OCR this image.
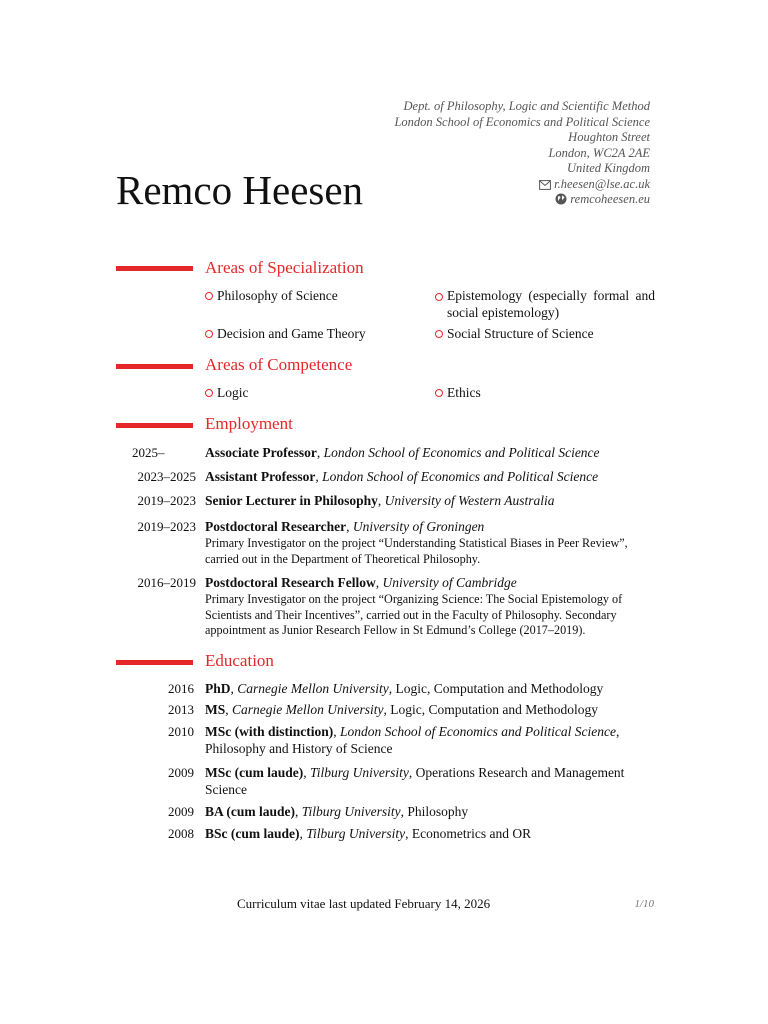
Dept. of Philosophy, Logic and Scientific Method
London School of Economics and Political Science
Houghton Street
London, WC2A 2AE
United Kingdom
r.heesen@lse.ac.uk
remcoheesen.eu
Remco Heesen
Areas of Specialization
Philosophy of Science	Epistemology (especially formal and social epistemology)
Decision and Game Theory	Social Structure of Science
Areas of Competence
Logic	Ethics
Employment
2025–	Associate Professor, London School of Economics and Political Science
2023–2025 Assistant Professor, London School of Economics and Political Science
2019–2023 Senior Lecturer in Philosophy, University of Western Australia
2019–2023 Postdoctoral Researcher, University of Groningen
Primary Investigator on the project “Understanding Statistical Biases in Peer Review”, carried out in the Department of Theoretical Philosophy.
2016–2019 Postdoctoral Research Fellow, University of Cambridge
Primary Investigator on the project “Organizing Science: The Social Epistemology of Scientists and Their Incentives”, carried out in the Faculty of Philosophy. Secondary appointment as Junior Research Fellow in St Edmund’s College (2017–2019).
Education
2016 PhD, Carnegie Mellon University, Logic, Computation and Methodology
2013 MS, Carnegie Mellon University, Logic, Computation and Methodology
2010 MSc (with distinction), London School of Economics and Political Science, Philosophy and History of Science
2009 MSc (cum laude), Tilburg University, Operations Research and Management Science
2009 BA (cum laude), Tilburg University, Philosophy
2008 BSc (cum laude), Tilburg University, Econometrics and OR
Curriculum vitae last updated February 14, 2026	1/10
